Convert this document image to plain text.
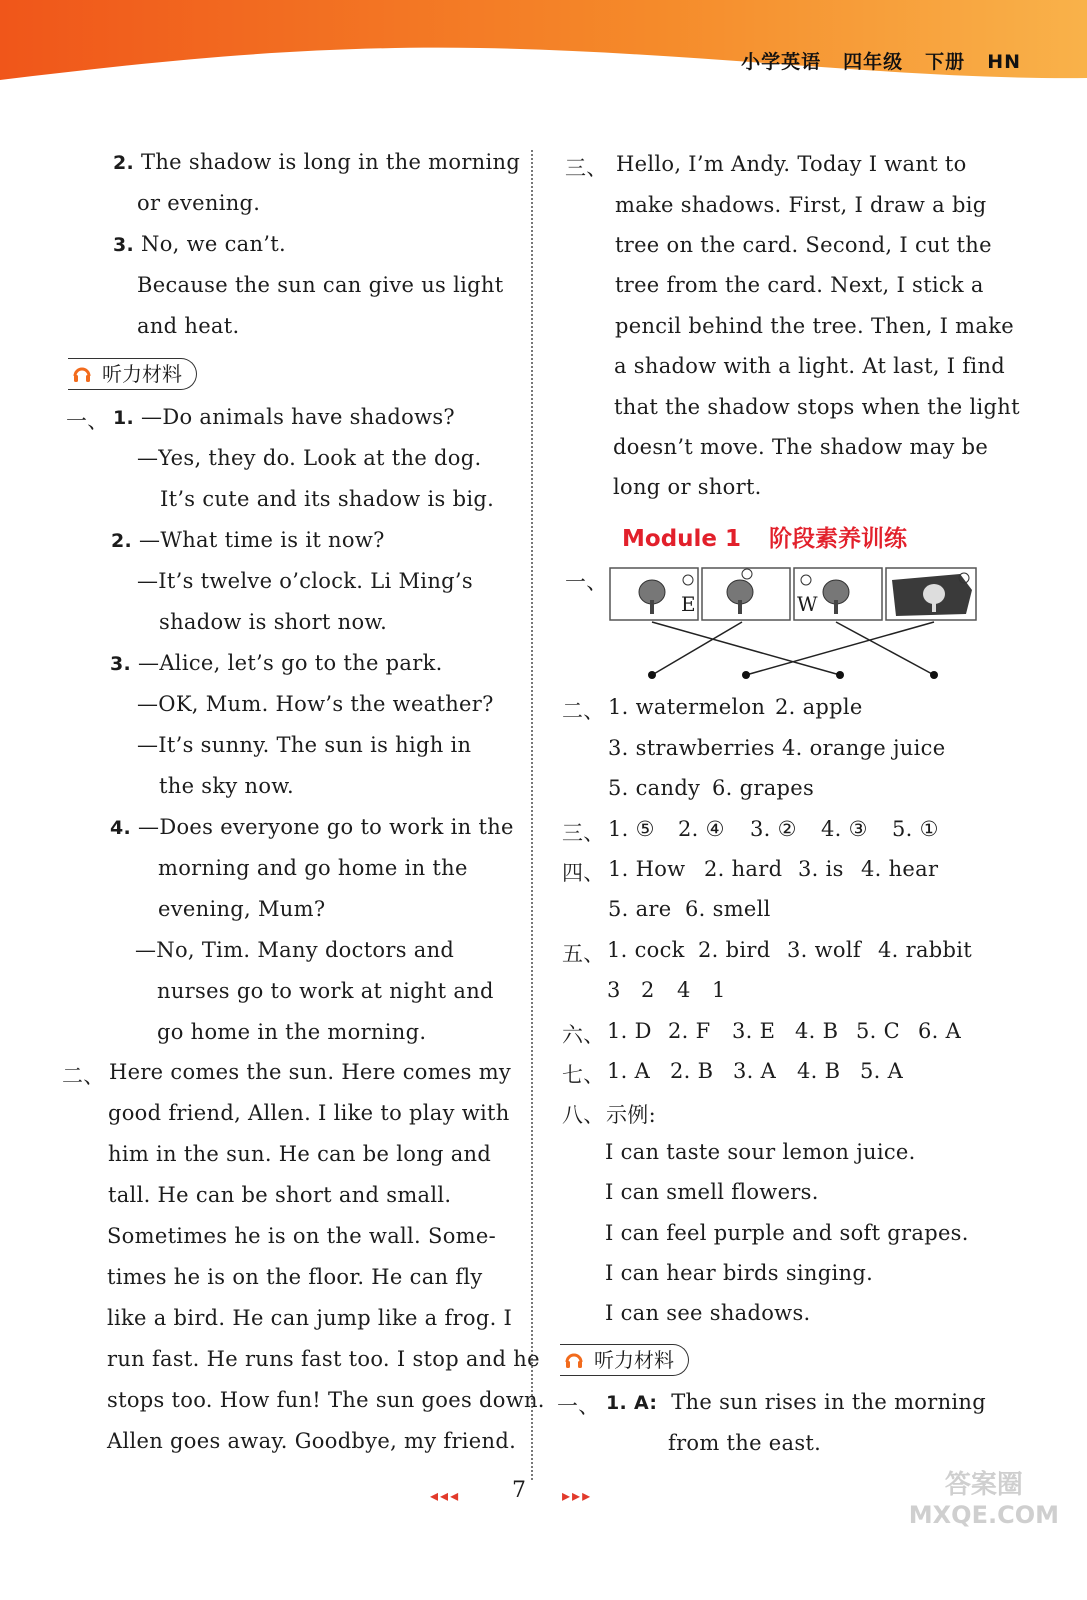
小学英语 四年级 下册 HN
2. The shadow is long in the morning
or evening.
3. No, we can’t.
Because the sun can give us light
and heat.
听力材料
一、 1. —Do animals have shadows?
—Yes, they do. Look at the dog.
It’s cute and its shadow is big.
2. —What time is it now?
—It’s twelve o’clock. Li Ming’s
shadow is short now.
3. —Alice, let’s go to the park.
—OK, Mum. How’s the weather?
—It’s sunny. The sun is high in
the sky now.
4. —Does everyone go to work in the
morning and go home in the
evening, Mum?
—No, Tim. Many doctors and
nurses go to work at night and
go home in the morning.
二、 Here comes the sun. Here comes my
good friend, Allen. I like to play with
him in the sun. He can be long and
tall. He can be short and small.
Sometimes he is on the wall. Some-
times he is on the floor. He can fly
like a bird. He can jump like a frog. I
run fast. He runs fast too. I stop and he
stops too. How fun! The sun goes down.
Allen goes away. Goodbye, my friend.
三、 Hello, I’m Andy. Today I want to
make shadows. First, I draw a big
tree on the card. Second, I cut the
tree from the card. Next, I stick a
pencil behind the tree. Then, I make
a shadow with a light. At last, I find
that the shadow stops when the light
doesn’t move. The shadow may be
long or short.
Module 1 阶段素养训练
一、
E	W
二、 1. watermelon 2. apple
3. strawberries 4. orange juice
5. candy 6. grapes
三、 1. ⑤ 2. ④ 3. ② 4. ③ 5. ①
四、 1. How 2. hard 3. is 4. hear
5. are 6. smell
五、 1. cock 2. bird 3. wolf 4. rabbit
3 2 4 1
六、 1. D 2. F 3. E 4. B 5. C 6. A
七、 1. A 2. B 3. A 4. B 5. A
八、 示例:
I can taste sour lemon juice.
I can smell flowers.
I can feel purple and soft grapes.
I can hear birds singing.
I can see shadows.
听力材料
一、 1. A: The sun rises in the morning
from the east.
◂◂◂ 7 ▸▸▸	答案圈
MXQE.COM
